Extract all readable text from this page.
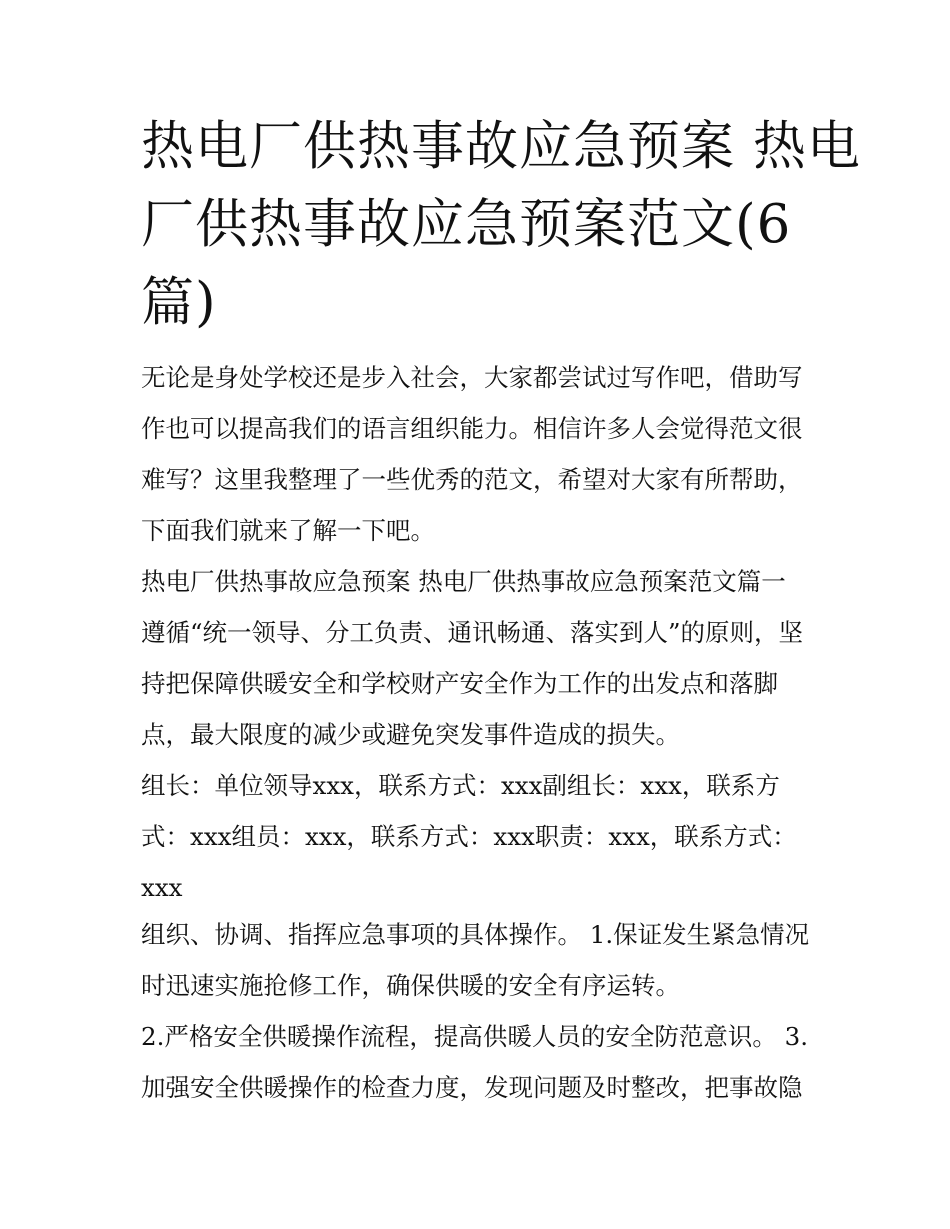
热电厂供热事故应急预案 热电
厂供热事故应急预案范文(6
篇)

无论是身处学校还是步入社会，大家都尝试过写作吧，借助写
作也可以提高我们的语言组织能力。相信许多人会觉得范文很
难写？这里我整理了一些优秀的范文，希望对大家有所帮助，
下面我们就来了解一下吧。

热电厂供热事故应急预案 热电厂供热事故应急预案范文篇一

遵循“统一领导、分工负责、通讯畅通、落实到人”的原则，坚
持把保障供暖安全和学校财产安全作为工作的出发点和落脚
点，最大限度的减少或避免突发事件造成的损失。

组长：单位领导xxx，联系方式：xxx副组长：xxx，联系方
式：xxx组员：xxx，联系方式：xxx职责：xxx，联系方式：
xxx

组织、协调、指挥应急事项的具体操作。 1.保证发生紧急情况
时迅速实施抢修工作，确保供暖的安全有序运转。

2.严格安全供暖操作流程，提高供暖人员的安全防范意识。 3.
加强安全供暖操作的检查力度，发现问题及时整改，把事故隐
